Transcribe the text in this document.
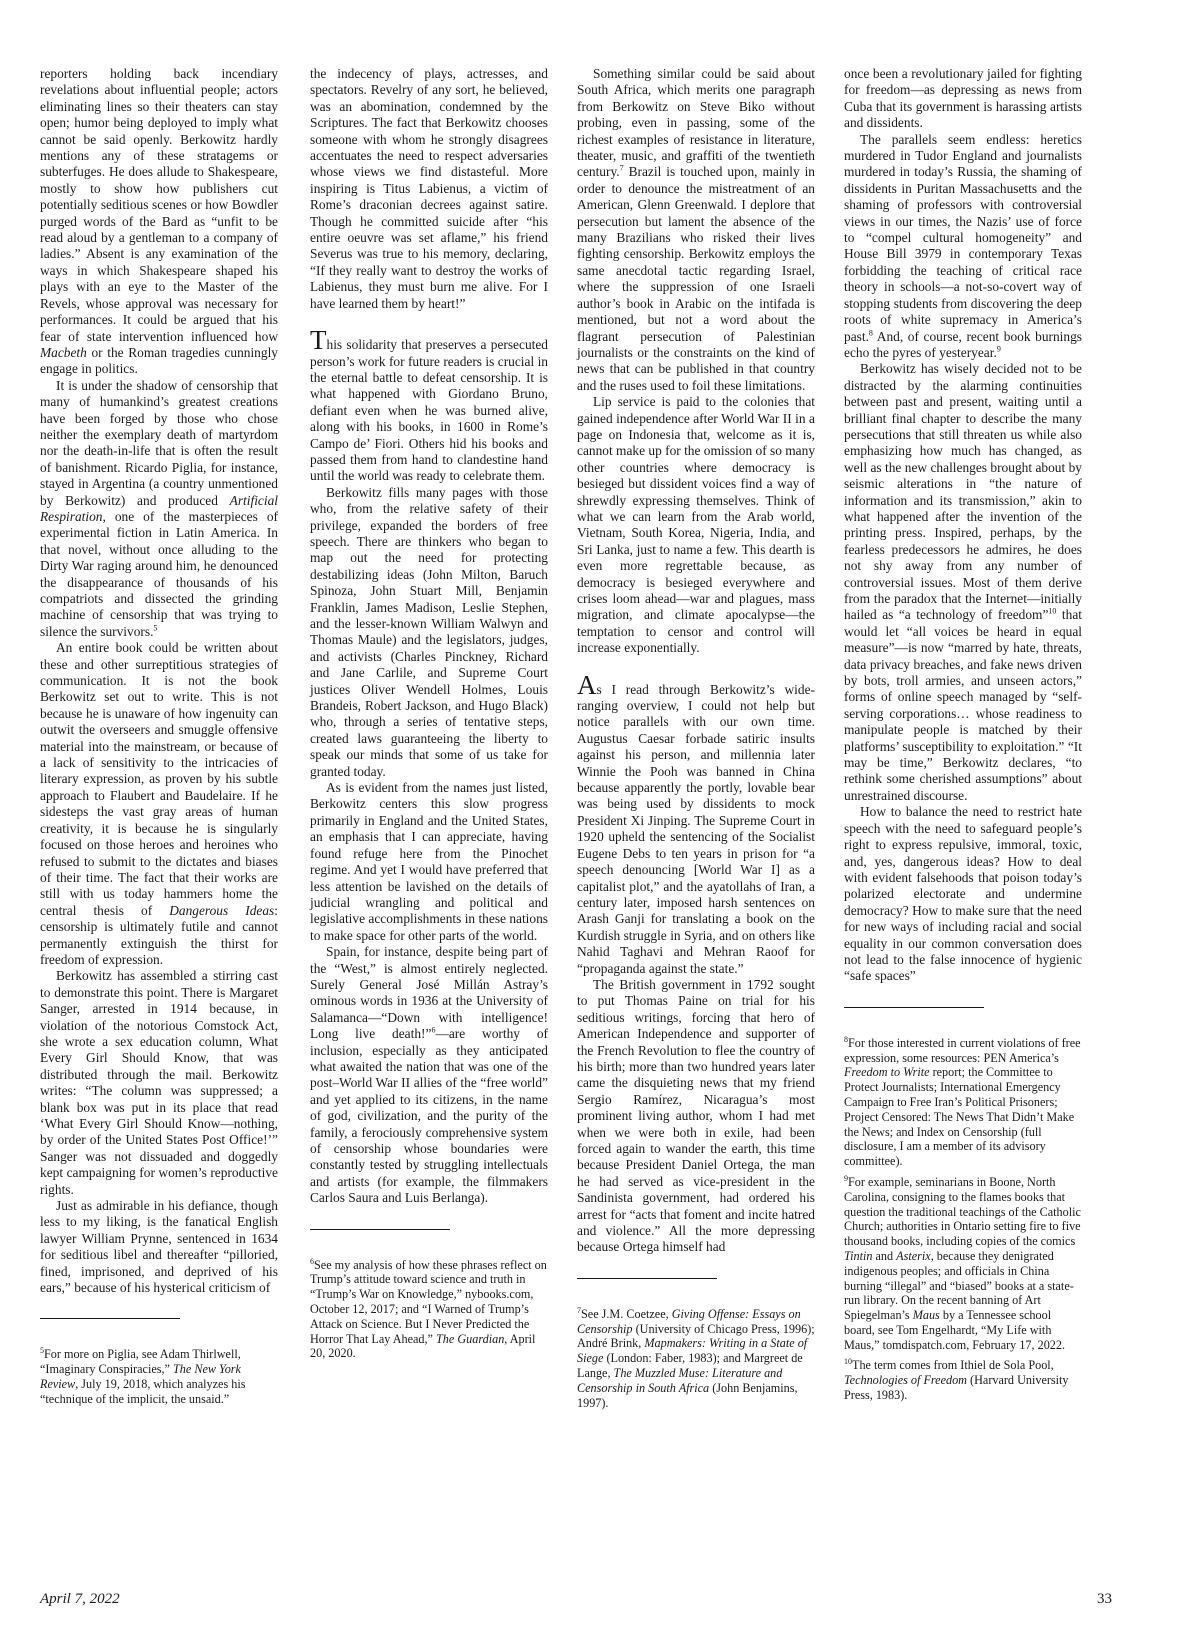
reporters holding back incendiary revelations about influential people; actors eliminating lines so their theaters can stay open; humor being deployed to imply what cannot be said openly. Berkowitz hardly mentions any of these stratagems or subterfuges. He does allude to Shakespeare, mostly to show how publishers cut potentially seditious scenes or how Bowdler purged words of the Bard as “unfit to be read aloud by a gentleman to a company of ladies.” Absent is any examination of the ways in which Shakespeare shaped his plays with an eye to the Master of the Revels, whose approval was necessary for performances. It could be argued that his fear of state intervention influenced how Macbeth or the Roman tragedies cunningly engage in politics.

It is under the shadow of censorship that many of humankind’s greatest creations have been forged by those who chose neither the exemplary death of martyrdom nor the death-in-life that is often the result of banishment. Ricardo Piglia, for instance, stayed in Argentina (a country unmentioned by Berkowitz) and produced Artificial Respiration, one of the masterpieces of experimental fiction in Latin America. In that novel, without once alluding to the Dirty War raging around him, he denounced the disappearance of thousands of his compatriots and dissected the grinding machine of censorship that was trying to silence the survivors.$^5$

An entire book could be written about these and other surreptitious strategies of communication. It is not the book Berkowitz set out to write. This is not because he is unaware of how ingenuity can outwit the overseers and smuggle offensive material into the mainstream, or because of a lack of sensitivity to the intricacies of literary expression, as proven by his subtle approach to Flaubert and Baudelaire. If he sidesteps the vast gray areas of human creativity, it is because he is singularly focused on those heroes and heroines who refused to submit to the dictates and biases of their time. The fact that their works are still with us today hammers home the central thesis of Dangerous Ideas: censorship is ultimately futile and cannot permanently extinguish the thirst for freedom of expression.

Berkowitz has assembled a stirring cast to demonstrate this point. There is Margaret Sanger, arrested in 1914 because, in violation of the notorious Comstock Act, she wrote a sex education column, What Every Girl Should Know, that was distributed through the mail. Berkowitz writes: “The column was suppressed; a blank box was put in its place that read ‘What Every Girl Should Know—nothing, by order of the United States Post Office!’” Sanger was not dissuaded and doggedly kept campaigning for women’s reproductive rights.

Just as admirable in his defiance, though less to my liking, is the fanatical English lawyer William Prynne, sentenced in 1634 for seditious libel and thereafter “pilloried, fined, imprisoned, and deprived of his ears,” because of his hysterical criticism of

$^5$For more on Piglia, see Adam Thirlwell, “Imaginary Conspiracies,” The New York Review, July 19, 2018, which analyzes his “technique of the implicit, the unsaid.”

the indecency of plays, actresses, and spectators. Revelry of any sort, he believed, was an abomination, condemned by the Scriptures. The fact that Berkowitz chooses someone with whom he strongly disagrees accentuates the need to respect adversaries whose views we find distasteful. More inspiring is Titus Labienus, a victim of Rome’s draconian decrees against satire. Though he committed suicide after “his entire oeuvre was set aflame,” his friend Severus was true to his memory, declaring, “If they really want to destroy the works of Labienus, they must burn me alive. For I have learned them by heart!”

This solidarity that preserves a persecuted person’s work for future readers is crucial in the eternal battle to defeat censorship. It is what happened with Giordano Bruno, defiant even when he was burned alive, along with his books, in 1600 in Rome’s Campo de’ Fiori. Others hid his books and passed them from hand to clandestine hand until the world was ready to celebrate them.

Berkowitz fills many pages with those who, from the relative safety of their privilege, expanded the borders of free speech. There are thinkers who began to map out the need for protecting destabilizing ideas (John Milton, Baruch Spinoza, John Stuart Mill, Benjamin Franklin, James Madison, Leslie Stephen, and the lesser-known William Walwyn and Thomas Maule) and the legislators, judges, and activists (Charles Pinckney, Richard and Jane Carlile, and Supreme Court justices Oliver Wendell Holmes, Louis Brandeis, Robert Jackson, and Hugo Black) who, through a series of tentative steps, created laws guaranteeing the liberty to speak our minds that some of us take for granted today.

As is evident from the names just listed, Berkowitz centers this slow progress primarily in England and the United States, an emphasis that I can appreciate, having found refuge here from the Pinochet regime. And yet I would have preferred that less attention be lavished on the details of judicial wrangling and political and legislative accomplishments in these nations to make space for other parts of the world.

Spain, for instance, despite being part of the “West,” is almost entirely neglected. Surely General José Millán Astray’s ominous words in 1936 at the University of Salamanca—“Down with intelligence! Long live death!”$^6$—are worthy of inclusion, especially as they anticipated what awaited the nation that was one of the post–World War II allies of the “free world” and yet applied to its citizens, in the name of god, civilization, and the purity of the family, a ferociously comprehensive system of censorship whose boundaries were constantly tested by struggling intellectuals and artists (for example, the filmmakers Carlos Saura and Luis Berlanga).

$^6$See my analysis of how these phrases reflect on Trump’s attitude toward science and truth in “Trump’s War on Knowledge,” nybooks.com, October 12, 2017; and “I Warned of Trump’s Attack on Science. But I Never Predicted the Horror That Lay Ahead,” The Guardian, April 20, 2020.

Something similar could be said about South Africa, which merits one paragraph from Berkowitz on Steve Biko without probing, even in passing, some of the richest examples of resistance in literature, theater, music, and graffiti of the twentieth century.$^7$ Brazil is touched upon, mainly in order to denounce the mistreatment of an American, Glenn Greenwald. I deplore that persecution but lament the absence of the many Brazilians who risked their lives fighting censorship. Berkowitz employs the same anecdotal tactic regarding Israel, where the suppression of one Israeli author’s book in Arabic on the intifada is mentioned, but not a word about the flagrant persecution of Palestinian journalists or the constraints on the kind of news that can be published in that country and the ruses used to foil these limitations.

Lip service is paid to the colonies that gained independence after World War II in a page on Indonesia that, welcome as it is, cannot make up for the omission of so many other countries where democracy is besieged but dissident voices find a way of shrewdly expressing themselves. Think of what we can learn from the Arab world, Vietnam, South Korea, Nigeria, India, and Sri Lanka, just to name a few. This dearth is even more regrettable because, as democracy is besieged everywhere and crises loom ahead—war and plagues, mass migration, and climate apocalypse—the temptation to censor and control will increase exponentially.

As I read through Berkowitz’s wide-ranging overview, I could not help but notice parallels with our own time. Augustus Caesar forbade satiric insults against his person, and millennia later Winnie the Pooh was banned in China because apparently the portly, lovable bear was being used by dissidents to mock President Xi Jinping. The Supreme Court in 1920 upheld the sentencing of the Socialist Eugene Debs to ten years in prison for “a speech denouncing [World War I] as a capitalist plot,” and the ayatollahs of Iran, a century later, imposed harsh sentences on Arash Ganji for translating a book on the Kurdish struggle in Syria, and on others like Nahid Taghavi and Mehran Raoof for “propaganda against the state.”

The British government in 1792 sought to put Thomas Paine on trial for his seditious writings, forcing that hero of American Independence and supporter of the French Revolution to flee the country of his birth; more than two hundred years later came the disquieting news that my friend Sergio Ramírez, Nicaragua’s most prominent living author, whom I had met when we were both in exile, had been forced again to wander the earth, this time because President Daniel Ortega, the man he had served as vice-president in the Sandinista government, had ordered his arrest for “acts that foment and incite hatred and violence.” All the more depressing because Ortega himself had

$^7$See J.M. Coetzee, Giving Offense: Essays on Censorship (University of Chicago Press, 1996); André Brink, Mapmakers: Writing in a State of Siege (London: Faber, 1983); and Margreet de Lange, The Muzzled Muse: Literature and Censorship in South Africa (John Benjamins, 1997).

once been a revolutionary jailed for fighting for freedom—as depressing as news from Cuba that its government is harassing artists and dissidents.

The parallels seem endless: heretics murdered in Tudor England and journalists murdered in today’s Russia, the shaming of dissidents in Puritan Massachusetts and the shaming of professors with controversial views in our times, the Nazis’ use of force to “compel cultural homogeneity” and House Bill 3979 in contemporary Texas forbidding the teaching of critical race theory in schools—a not-so-covert way of stopping students from discovering the deep roots of white supremacy in America’s past.$^8$ And, of course, recent book burnings echo the pyres of yesteryear.$^9$

Berkowitz has wisely decided not to be distracted by the alarming continuities between past and present, waiting until a brilliant final chapter to describe the many persecutions that still threaten us while also emphasizing how much has changed, as well as the new challenges brought about by seismic alterations in “the nature of information and its transmission,” akin to what happened after the invention of the printing press. Inspired, perhaps, by the fearless predecessors he admires, he does not shy away from any number of controversial issues. Most of them derive from the paradox that the Internet—initially hailed as “a technology of freedom”$^{10}$ that would let “all voices be heard in equal measure”—is now “marred by hate, threats, data privacy breaches, and fake news driven by bots, troll armies, and unseen actors,” forms of online speech managed by “self-serving corporations… whose readiness to manipulate people is matched by their platforms’ susceptibility to exploitation.” “It may be time,” Berkowitz declares, “to rethink some cherished assumptions” about unrestrained discourse.

How to balance the need to restrict hate speech with the need to safeguard people’s right to express repulsive, immoral, toxic, and, yes, dangerous ideas? How to deal with evident falsehoods that poison today’s polarized electorate and undermine democracy? How to make sure that the need for new ways of including racial and social equality in our common conversation does not lead to the false innocence of hygienic “safe spaces”

$^8$For those interested in current violations of free expression, some resources: PEN America’s Freedom to Write report; the Committee to Protect Journalists; International Emergency Campaign to Free Iran’s Political Prisoners; Project Censored: The News That Didn’t Make the News; and Index on Censorship (full disclosure, I am a member of its advisory committee).

$^9$For example, seminarians in Boone, North Carolina, consigning to the flames books that question the traditional teachings of the Catholic Church; authorities in Ontario setting fire to five thousand books, including copies of the comics Tintin and Asterix, because they denigrated indigenous peoples; and officials in China burning “illegal” and “biased” books at a state-run library. On the recent banning of Art Spiegelman’s Maus by a Tennessee school board, see Tom Engelhardt, “My Life with Maus,” tomdispatch.com, February 17, 2022.

$^{10}$The term comes from Ithiel de Sola Pool, Technologies of Freedom (Harvard University Press, 1983).

April 7, 2022	33
